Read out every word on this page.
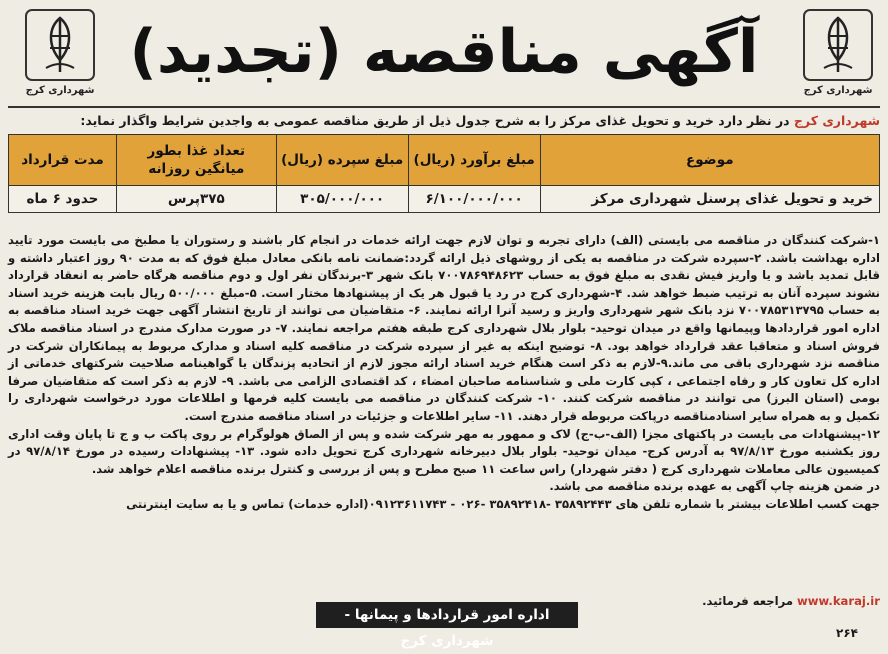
شهرداری کرج
آگهی مناقصه (تجدید)
شهرداری کرج
شهرداری کرج در نظر دارد خرید و تحویل غذای مرکز را به شرح جدول ذیل از طریق مناقصه عمومی به واجدین شرایط واگذار نماید:
موضوع	مبلغ برآورد (ریال)	مبلغ سپرده (ریال)	تعداد غذا بطور میانگین روزانه	مدت قرارداد
خرید و تحویل غذای پرسنل شهرداری مرکز	۶/۱۰۰/۰۰۰/۰۰۰	۳۰۵/۰۰۰/۰۰۰	۳۷۵پرس	حدود ۶ ماه

۱-شرکت کنندگان در مناقصه می بایستی (الف) دارای تجربه و توان لازم جهت ارائه خدمات در انجام کار باشند و رستوران یا مطبخ می بایست مورد تایید اداره بهداشت باشد. ۲-سپرده شرکت در مناقصه به یکی از روشهای ذیل ارائه گردد:ضمانت نامه بانکی معادل مبلغ فوق که به مدت ۹۰ روز اعتبار داشته و قابل تمدید باشد و یا واریز فیش نقدی به مبلغ فوق به حساب ۷۰۰۷۸۶۹۴۸۶۲۳ بانک شهر ۳-برندگان نفر اول و دوم مناقصه هرگاه حاضر به انعقاد قرارداد نشوند سپرده آنان به ترتیب ضبط خواهد شد. ۴-شهرداری کرج در رد یا قبول هر یک از پیشنهادها مختار است. ۵-مبلغ ۵۰۰/۰۰۰ ریال بابت هزینه خرید اسناد به حساب ۷۰۰۷۸۵۳۱۳۷۹۵ نزد بانک شهر شهرداری واریز و رسید آنرا ارائه نمایند. ۶- متقاضیان می توانند از تاریخ انتشار آگهی جهت خرید اسناد مناقصه به اداره امور قراردادها وپیمانها واقع در میدان توحید- بلوار بلال شهرداری کرج طبقه هفتم مراجعه نمایند. ۷- در صورت مدارک مندرج در اسناد مناقصه ملاک فروش اسناد و متعاقبا عقد قرارداد خواهد بود. ۸- توضیح اینکه به غیر از سپرده شرکت در مناقصه کلیه اسناد و مدارک مربوط به پیمانکاران شرکت در مناقصه نزد شهرداری باقی می ماند.۹-لازم به ذکر است هنگام خرید اسناد ارائه مجوز لازم از اتحادیه پزندگان یا گواهینامه صلاحیت شرکتهای خدماتی از اداره کل تعاون کار و رفاه اجتماعی ، کپی کارت ملی و شناسنامه صاحبان امضاء ، کد اقتصادی الزامی می باشد. ۹- لازم به ذکر است که متقاضیان صرفا بومی (استان البرز) می توانند در مناقصه شرکت کنند. ۱۰- شرکت کنندگان در مناقصه می بایست کلیه فرمها و اطلاعات مورد درخواست شهرداری را تکمیل و به همراه سایر اسنادمناقصه درپاکت مربوطه قرار دهند. ۱۱- سایر اطلاعات و جزئیات در اسناد مناقصه مندرج است.

۱۲-پیشنهادات می بایست در پاکتهای مجزا (الف-ب-ج) لاک و ممهور به مهر شرکت شده و پس از الصاق هولوگرام بر روی پاکت ب و ج تا پایان وقت اداری روز یکشنبه مورخ ۹۷/۸/۱۳ به آدرس کرج- میدان توحید- بلوار بلال دبیرخانه شهرداری کرج تحویل داده شود. ۱۳- پیشنهادات رسیده در مورخ ۹۷/۸/۱۴ در کمیسیون عالی معاملات شهرداری کرج ( دفتر شهردار) راس ساعت ۱۱ صبح مطرح و پس از بررسی و کنترل برنده مناقصه اعلام خواهد شد.

در ضمن هزینه چاپ آگهی به عهده برنده مناقصه می باشد.

جهت کسب اطلاعات بیشتر با شماره تلفن های ۳۵۸۹۲۴۴۳ -۳۵۸۹۲۴۱۸ -۰۲۶ - ۰۹۱۲۳۶۱۱۷۴۳(اداره خدمات) تماس و یا به سایت اینترنتی

www.karaj.ir مراجعه فرمائید.
اداره امور قراردادها و پیمانها - شهرداری کرج	۲۶۴
